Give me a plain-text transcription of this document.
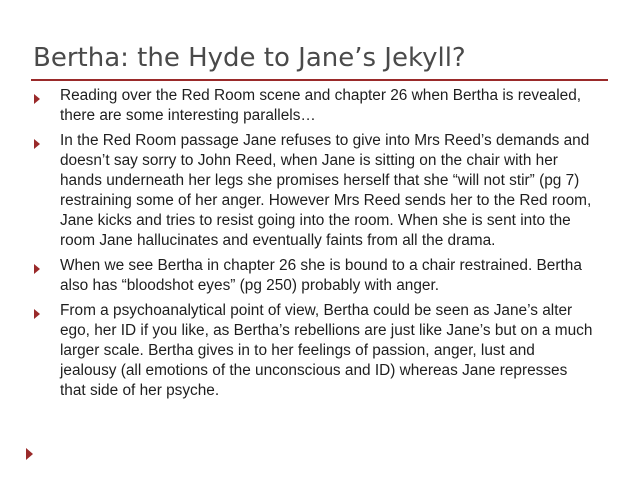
Bertha: the Hyde to Jane’s Jekyll?
Reading over the Red Room scene and chapter 26 when Bertha is revealed, there are some interesting parallels…
In the Red Room passage Jane refuses to give into Mrs Reed’s demands and doesn’t say sorry to John Reed, when Jane is sitting on the chair with her hands underneath her legs she promises herself that she “will not stir” (pg 7) restraining some of her anger. However Mrs Reed sends her to the Red room, Jane kicks and tries to resist going into the room. When she is sent into the room Jane hallucinates and eventually faints from all the drama.
When we see Bertha in chapter 26 she is bound to a chair restrained. Bertha also has “bloodshot eyes” (pg 250) probably with anger.
From a psychoanalytical point of view, Bertha could be seen as Jane’s alter ego, her ID if you like, as Bertha’s rebellions are just like Jane’s but on a much larger scale. Bertha gives in to her feelings of passion, anger, lust and jealousy (all emotions of the unconscious and ID) whereas Jane represses that side of her psyche.
